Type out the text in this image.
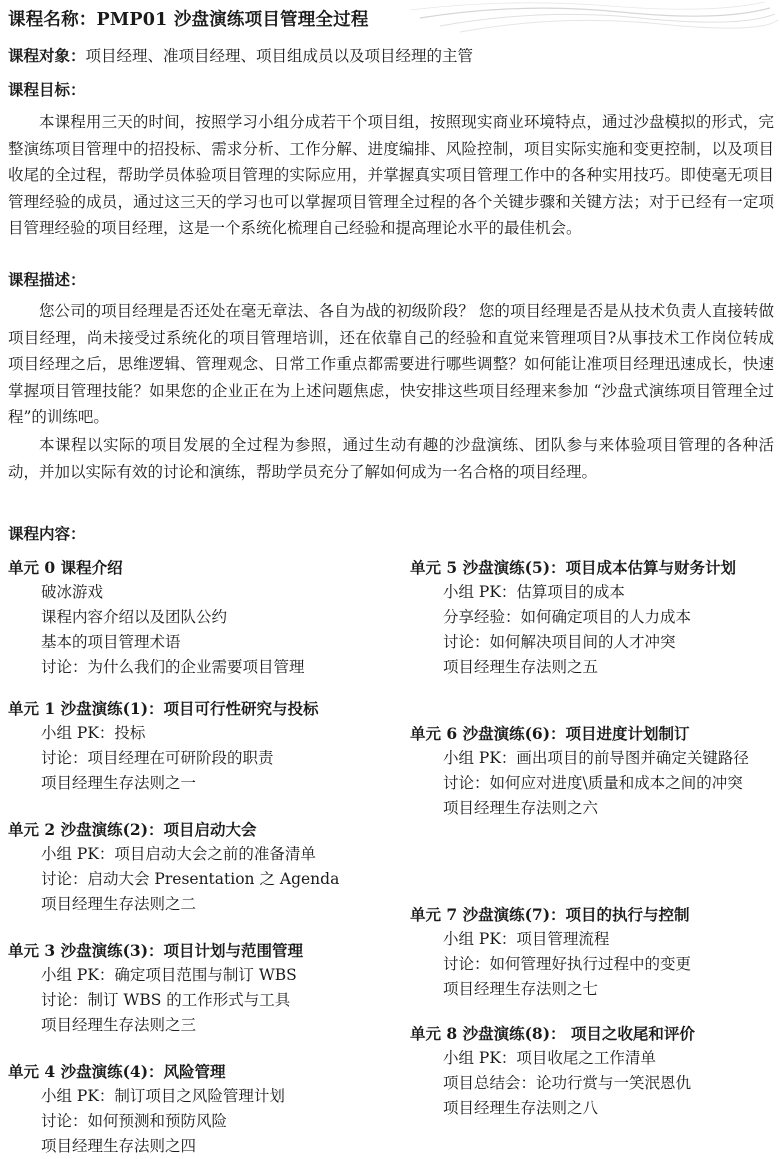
课程名称：PMP01 沙盘演练项目管理全过程
课程对象：项目经理、准项目经理、项目组成员以及项目经理的主管
课程目标：
本课程用三天的时间，按照学习小组分成若干个项目组，按照现实商业环境特点，通过沙盘模拟的形式，完整演练项目管理中的招投标、需求分析、工作分解、进度编排、风险控制，项目实际实施和变更控制，以及项目收尾的全过程，帮助学员体验项目管理的实际应用，并掌握真实项目管理工作中的各种实用技巧。即使毫无项目管理经验的成员，通过这三天的学习也可以掌握项目管理全过程的各个关键步骤和关键方法；对于已经有一定项目管理经验的项目经理，这是一个系统化梳理自己经验和提高理论水平的最佳机会。
课程描述：
您公司的项目经理是否还处在毫无章法、各自为战的初级阶段？ 您的项目经理是否是从技术负责人直接转做项目经理，尚未接受过系统化的项目管理培训，还在依靠自己的经验和直觉来管理项目?从事技术工作岗位转成项目经理之后，思维逻辑、管理观念、日常工作重点都需要进行哪些调整？如何能让准项目经理迅速成长，快速掌握项目管理技能？如果您的企业正在为上述问题焦虑，快安排这些项目经理来参加 “沙盘式演练项目管理全过程”的训练吧。
本课程以实际的项目发展的全过程为参照，通过生动有趣的沙盘演练、团队参与来体验项目管理的各种活动，并加以实际有效的讨论和演练，帮助学员充分了解如何成为一名合格的项目经理。
课程内容：
单元 0 课程介绍
破冰游戏
课程内容介绍以及团队公约
基本的项目管理术语
讨论：为什么我们的企业需要项目管理
单元 1 沙盘演练(1)：项目可行性研究与投标
小组 PK：投标
讨论：项目经理在可研阶段的职责
项目经理生存法则之一
单元 2 沙盘演练(2)：项目启动大会
小组 PK：项目启动大会之前的准备清单
讨论：启动大会 Presentation 之 Agenda
项目经理生存法则之二
单元 3 沙盘演练(3)：项目计划与范围管理
小组 PK：确定项目范围与制订 WBS
讨论：制订 WBS 的工作形式与工具
项目经理生存法则之三
单元 4 沙盘演练(4)：风险管理
小组 PK：制订项目之风险管理计划
讨论：如何预测和预防风险
项目经理生存法则之四
单元 5 沙盘演练(5)：项目成本估算与财务计划
小组 PK：估算项目的成本
分享经验：如何确定项目的人力成本
讨论：如何解决项目间的人才冲突
项目经理生存法则之五
单元 6 沙盘演练(6)：项目进度计划制订
小组 PK：画出项目的前导图并确定关键路径
讨论：如何应对进度\质量和成本之间的冲突
项目经理生存法则之六
单元 7 沙盘演练(7)：项目的执行与控制
小组 PK：项目管理流程
讨论：如何管理好执行过程中的变更
项目经理生存法则之七
单元 8 沙盘演练(8)： 项目之收尾和评价
小组 PK：项目收尾之工作清单
项目总结会：论功行赏与一笑泯恩仇
项目经理生存法则之八
